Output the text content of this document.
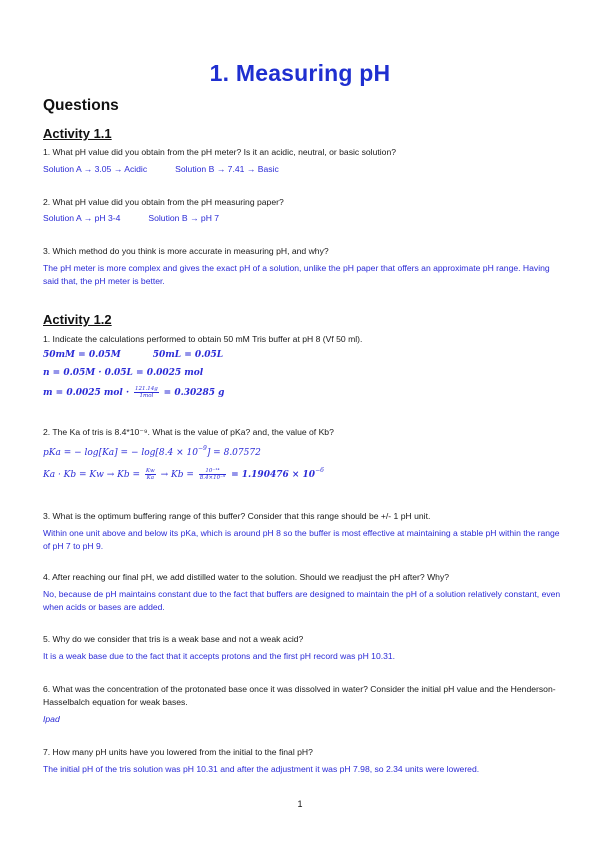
1. Measuring pH
Questions
Activity 1.1
1. What pH value did you obtain from the pH meter? Is it an acidic, neutral, or basic solution?
Solution A → 3.05 → Acidic	Solution B → 7.41 → Basic
2. What pH value did you obtain from the pH measuring paper?
Solution A → pH 3-4	Solution B → pH 7
3. Which method do you think is more accurate in measuring pH, and why?
The pH meter is more complex and gives the exact pH of a solution, unlike the pH paper that offers an approximate pH range. Having said that, the pH meter is better.
Activity 1.2
1. Indicate the calculations performed to obtain 50 mM Tris buffer at pH 8 (Vf 50 ml).
50mM = 0.05M	50mL = 0.05L
n = 0.05M · 0.05L = 0.0025 mol
m = 0.0025 mol · $\frac{121.14g}{\text{1mol}} = 0.30285$ g
2. The Ka of tris is 8.4*10⁻⁹. What is the value of pKa? and, the value of Kb?
pKa = − log[Ka] = − $\log[8.4 \times 10^{-9}] = 8.07572$
$Ka \cdot Kb = Kw \to Kb = \frac{Kw}{Ka} \to Kb = \frac{\text{10⁻¹⁴}}{\text{8.4×10⁻⁹}} = 1.190476 \times 10^{-6}$
3. What is the optimum buffering range of this buffer? Consider that this range should be +/- 1 pH unit.
Within one unit above and below its pKa, which is around pH 8 so the buffer is most effective at maintaining a stable pH within the range of pH 7 to pH 9.
4. After reaching our final pH, we add distilled water to the solution. Should we readjust the pH after? Why?
No, because de pH maintains constant due to the fact that buffers are designed to maintain the pH of a solution relatively constant, even when acids or bases are added.
5. Why do we consider that tris is a weak base and not a weak acid?
It is a weak base due to the fact that it accepts protons and the first pH record was pH 10.31.
6. What was the concentration of the protonated base once it was dissolved in water? Consider the initial pH value and the Henderson-Hasselbalch equation for weak bases.
Ipad
7. How many pH units have you lowered from the initial to the final pH?
The initial pH of the tris solution was pH 10.31 and after the adjustment it was pH 7.98, so 2.34 units were lowered.
1
